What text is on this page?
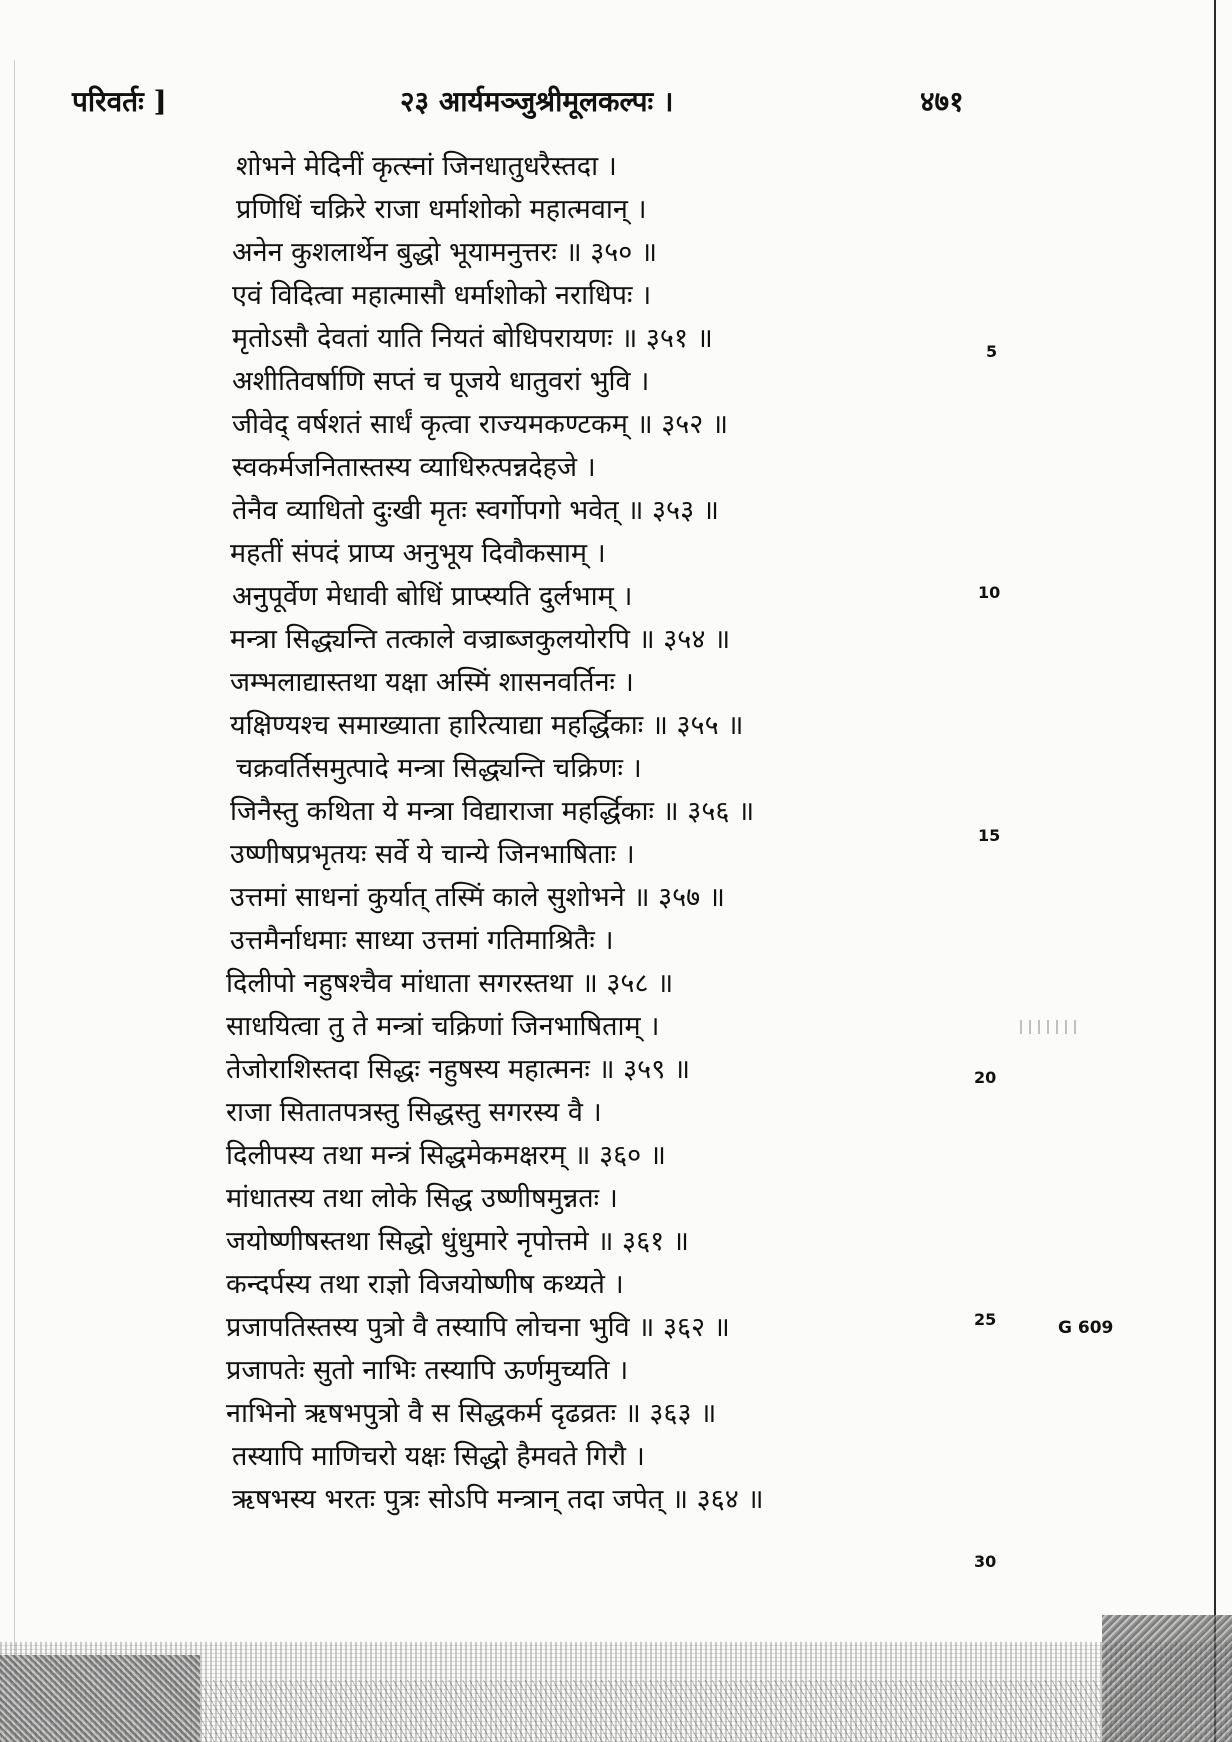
परिवर्तः ]	२३ आर्यमञ्जुश्रीमूलकल्पः ।	४७१
शोभने मेदिनीं कृत्स्नां जिनधातुधरैस्तदा ।
प्रणिधिं चक्रिरे राजा धर्माशोको महात्मवान् ।
अनेन कुशलार्थेन बुद्धो भूयामनुत्तरः ॥ ३५० ॥
एवं विदित्वा महात्मासौ धर्माशोको नराधिपः ।
मृतोऽसौ देवतां याति नियतं बोधिपरायणः ॥ ३५१ ॥
अशीतिवर्षाणि सप्तं च पूजये धातुवरां भुवि ।
जीवेद् वर्षशतं सार्धं कृत्वा राज्यमकण्टकम् ॥ ३५२ ॥
स्वकर्मजनितास्तस्य व्याधिरुत्पन्नदेहजे ।
तेनैव व्याधितो दुःखी मृतः स्वर्गोपगो भवेत् ॥ ३५३ ॥
महतीं संपदं प्राप्य अनुभूय दिवौकसाम् ।
अनुपूर्वेण मेधावी बोधिं प्राप्स्यति दुर्लभाम् ।
मन्त्रा सिद्ध्यन्ति तत्काले वज्राब्जकुलयोरपि ॥ ३५४ ॥
जम्भलाद्यास्तथा यक्षा अस्मिं शासनवर्तिनः ।
यक्षिण्यश्च समाख्याता हारित्याद्या महर्द्धिकाः ॥ ३५५ ॥
चक्रवर्तिसमुत्पादे मन्त्रा सिद्ध्यन्ति चक्रिणः ।
जिनैस्तु कथिता ये मन्त्रा विद्याराजा महर्द्धिकाः ॥ ३५६ ॥
उष्णीषप्रभृतयः सर्वे ये चान्ये जिनभाषिताः ।
उत्तमां साधनां कुर्यात् तस्मिं काले सुशोभने ॥ ३५७ ॥
उत्तमैर्नाधमाः साध्या उत्तमां गतिमाश्रितैः ।
दिलीपो नहुषश्चैव मांधाता सगरस्तथा ॥ ३५८ ॥
साधयित्वा तु ते मन्त्रां चक्रिणां जिनभाषिताम् ।
तेजोराशिस्तदा सिद्धः नहुषस्य महात्मनः ॥ ३५९ ॥
राजा सितातपत्रस्तु सिद्धस्तु सगरस्य वै ।
दिलीपस्य तथा मन्त्रं सिद्धमेकमक्षरम् ॥ ३६० ॥
मांधातस्य तथा लोके सिद्ध उष्णीषमुन्नतः ।
जयोष्णीषस्तथा सिद्धो धुंधुमारे नृपोत्तमे ॥ ३६१ ॥
कन्दर्पस्य तथा राज्ञो विजयोष्णीष कथ्यते ।
प्रजापतिस्तस्य पुत्रो वै तस्यापि लोचना भुवि ॥ ३६२ ॥
प्रजापतेः सुतो नाभिः तस्यापि ऊर्णमुच्यति ।
नाभिनो ऋषभपुत्रो वै स सिद्धकर्म दृढव्रतः ॥ ३६३ ॥
तस्यापि माणिचरो यक्षः सिद्धो हैमवते गिरौ ।
ऋषभस्य भरतः पुत्रः सोऽपि मन्त्रान् तदा जपेत् ॥ ३६४ ॥
5
10
15
20
25
30
G 609
